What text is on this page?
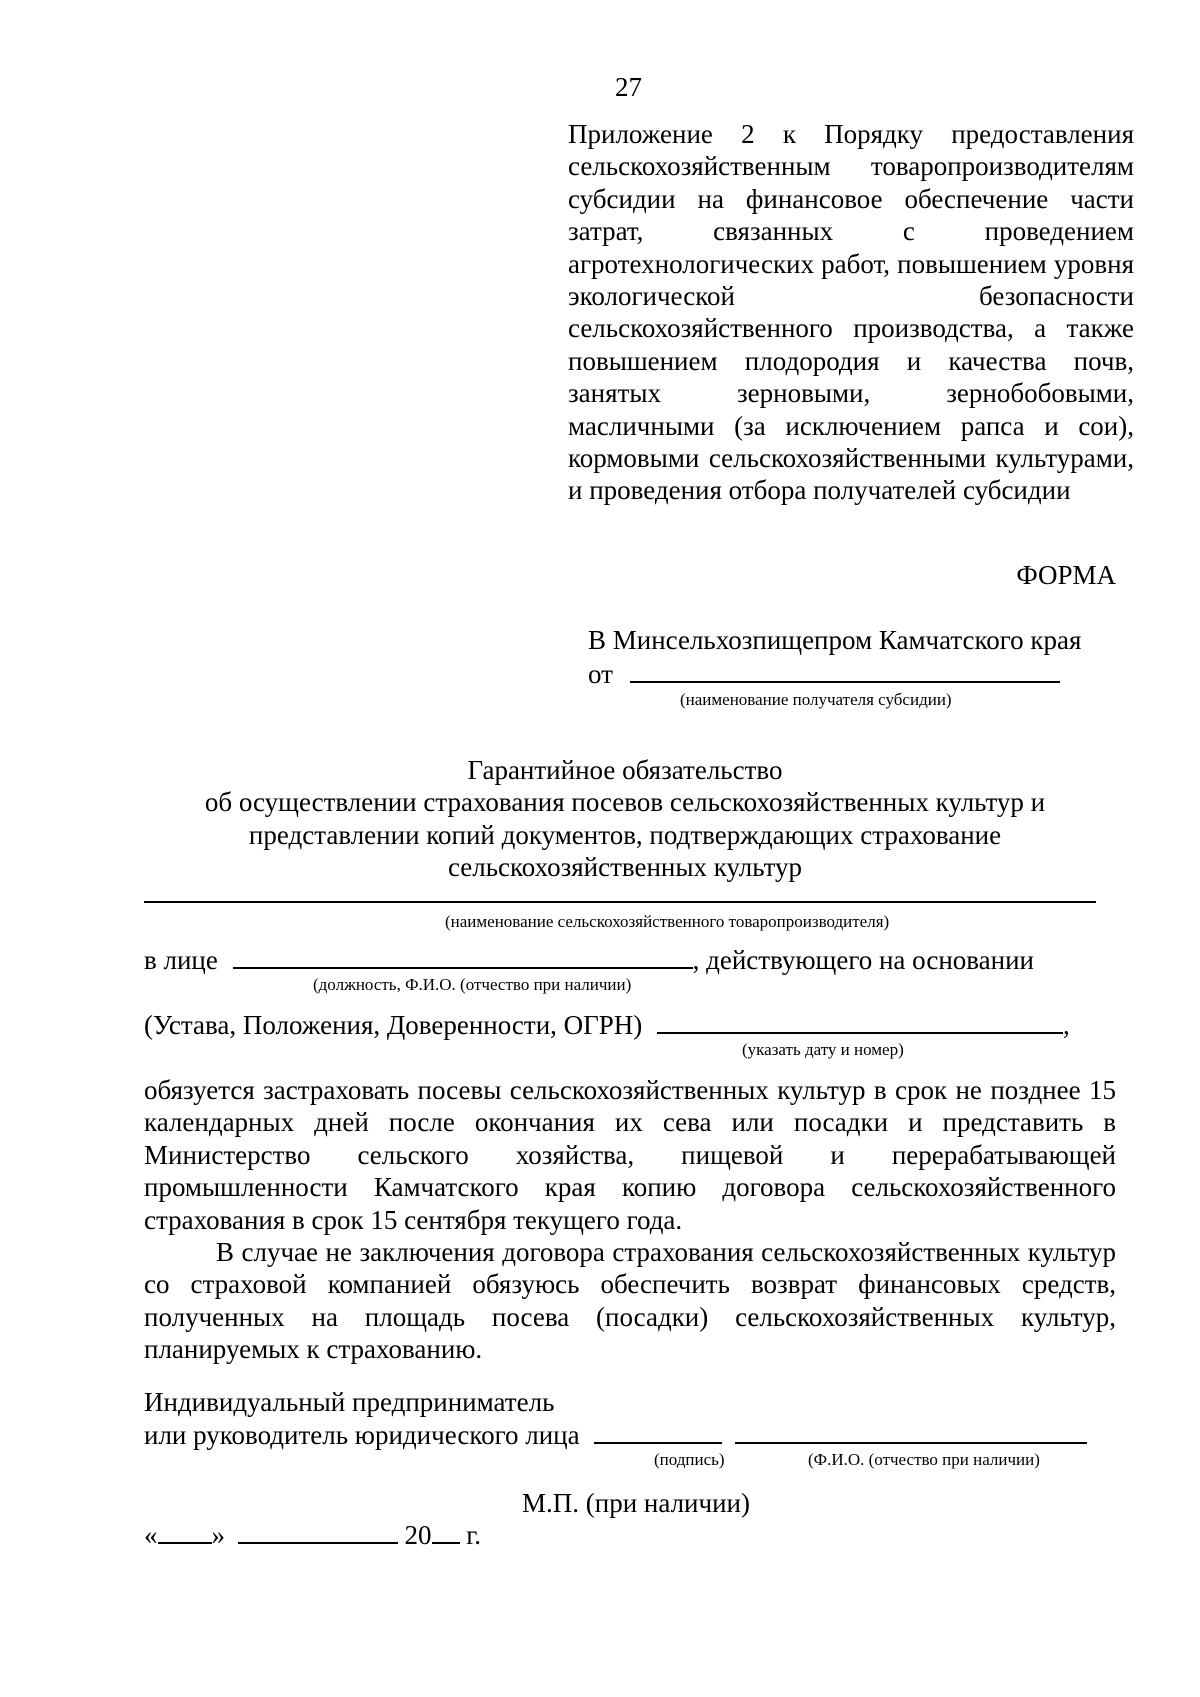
27
Приложение 2 к Порядку предоставления сельскохозяйственным товаропроизводителям субсидии на финансовое обеспечение части затрат, связанных с проведением агротехнологических работ, повышением уровня экологической безопасности сельскохозяйственного производства, а также повышением плодородия и качества почв, занятых зерновыми, зернобобовыми, масличными (за исключением рапса и сои), кормовыми сельскохозяйственными культурами, и проведения отбора получателей субсидии
ФОРМА
В Минсельхозпищепром Камчатского края
от
(наименование получателя субсидии)
Гарантийное обязательство
об осуществлении страхования посевов сельскохозяйственных культур и
представлении копий документов, подтверждающих страхование
сельскохозяйственных культур
(наименование сельскохозяйственного товаропроизводителя)
в лице	, действующего на основании
(должность, Ф.И.О. (отчество при наличии)
(Устава, Положения, Доверенности, ОГРН)	,
(указать дату и номер)

обязуется застраховать посевы сельскохозяйственных культур в срок не позднее 15 календарных дней после окончания их сева или посадки и представить в Министерство сельского хозяйства, пищевой и перерабатывающей промышленности Камчатского края копию договора сельскохозяйственного страхования в срок 15 сентября текущего года.

В случае не заключения договора страхования сельскохозяйственных культур со страховой компанией обязуюсь обеспечить возврат финансовых средств, полученных на площадь посева (посадки) сельскохозяйственных культур, планируемых к страхованию.

Индивидуальный предприниматель
или руководитель юридического лица
(подпись)	(Ф.И.О. (отчество при наличии)
М.П. (при наличии)
« »	20 г.
